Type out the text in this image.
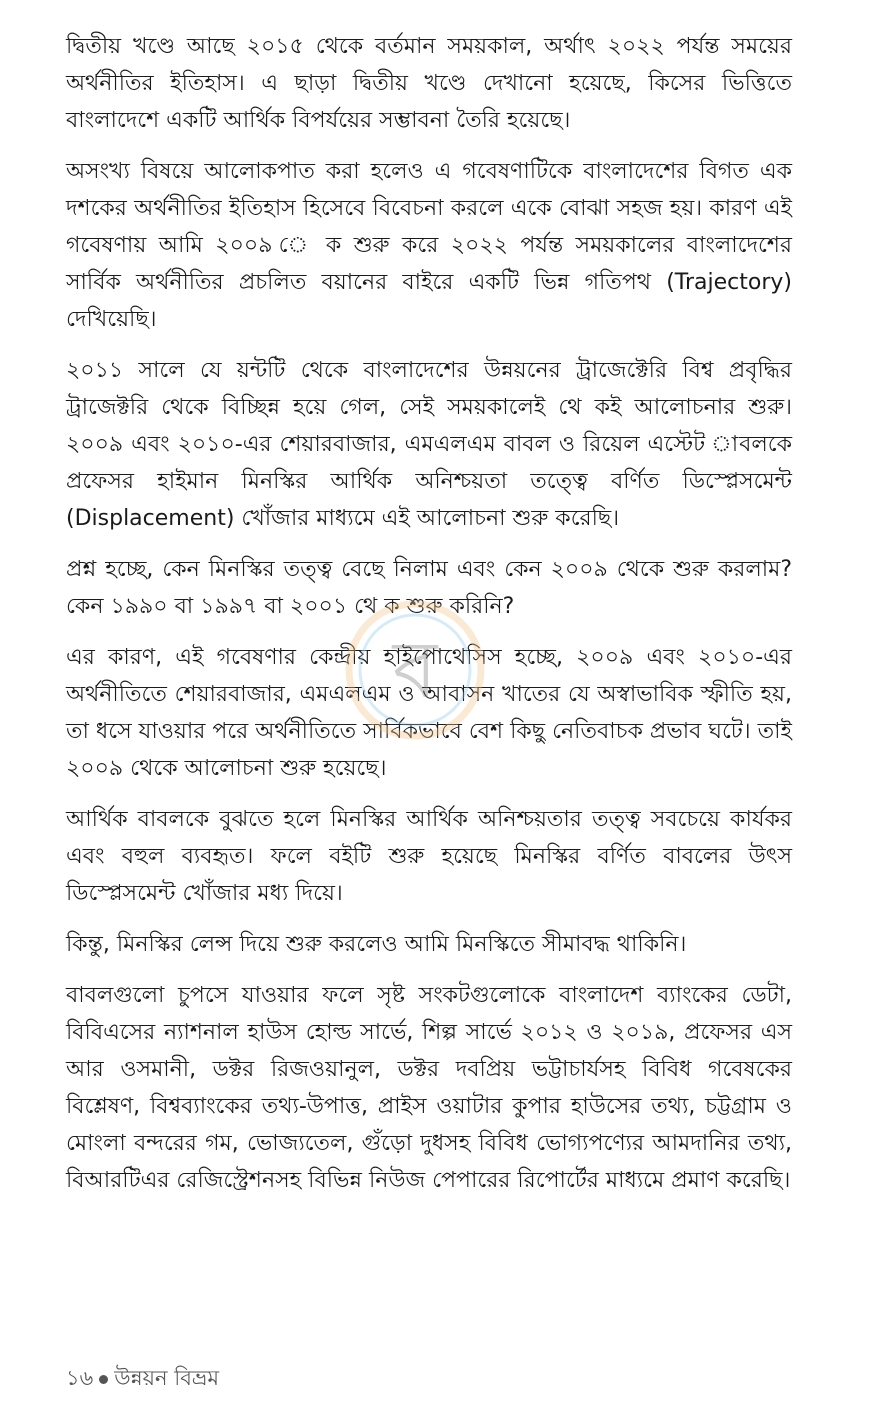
দ্বিতীয় খণ্ডে আছে ২০১৫ থেকে বর্তমান সময়কাল, অর্থাৎ ২০২২ পর্যন্ত সময়ের অর্থনীতির ইতিহাস। এ ছাড়া দ্বিতীয় খণ্ডে দেখানো হয়েছে, কিসের ভিত্তিতে বাংলাদেশে একটি আর্থিক বিপর্যয়ের সম্ভাবনা তৈরি হয়েছে।

অসংখ্য বিষয়ে আলোকপাত করা হলেও এ গবেষণাটিকে বাংলাদেশের বিগত এক দশকের অর্থনীতির ইতিহাস হিসেবে বিবেচনা করলে একে বোঝা সহজ হয়। কারণ এই গবেষণায় আমি ২০০৯ ে ক শুরু করে ২০২২ পর্যন্ত সময়কালের বাংলাদেশের সার্বিক অর্থনীতির প্রচলিত বয়ানের বাইরে একটি ভিন্ন গতিপথ (Trajectory) দেখিয়েছি।

২০১১ সালে যে য়ন্টটি থেকে বাংলাদেশের উন্নয়নের ট্রাজেক্টেরি বিশ্ব প্রবৃদ্ধির ট্রাজেক্টরি থেকে বিচ্ছিন্ন হয়ে গেল, সেই সময়কালেই থে কই আলোচনার শুরু। ২০০৯ এবং ২০১০-এর শেয়ারবাজার, এমএলএম বাবল ও রিয়েল এস্টেট াবলকে প্রফেসর হাইমান মিনস্কির আর্থিক অনিশ্চয়তা তত্ত্বে বর্ণিত ডিস্প্লেসমেন্ট (Displacement) খোঁজার মাধ্যমে এই আলোচনা শুরু করেছি।

প্রশ্ন হচ্ছে, কেন মিনস্কির তত্ত্ব বেছে নিলাম এবং কেন ২০০৯ থেকে শুরু করলাম? কেন ১৯৯০ বা ১৯৯৭ বা ২০০১ থে ক শুরু করিনি?

এর কারণ, এই গবেষণার কেন্দ্রীয় হাইপোথেসিস হচ্ছে, ২০০৯ এবং ২০১০-এর অর্থনীতিতে শেয়ারবাজার, এমএলএম ও আবাসন খাতের যে অস্বাভাবিক স্ফীতি হয়, তা ধসে যাওয়ার পরে অর্থনীতিতে সার্বিকভাবে বেশ কিছু নেতিবাচক প্রভাব ঘটে। তাই ২০০৯ থেকে আলোচনা শুরু হয়েছে।

আর্থিক বাবলকে বুঝতে হলে মিনস্কির আর্থিক অনিশ্চয়তার তত্ত্ব সবচেয়ে কার্যকর এবং বহুল ব্যবহৃত। ফলে বইটি শুরু হয়েছে মিনস্কির বর্ণিত বাবলের উৎস ডিস্প্লেসমেন্ট খোঁজার মধ্য দিয়ে।

কিন্তু, মিনস্কির লেন্স দিয়ে শুরু করলেও আমি মিনস্কিতে সীমাবদ্ধ থাকিনি।

বাবলগুলো চুপসে যাওয়ার ফলে সৃষ্ট সংকটগুলোকে বাংলাদেশ ব্যাংকের ডেটা, বিবিএসের ন্যাশনাল হাউস হোল্ড সার্ভে, শিল্প সার্ভে ২০১২ ও ২০১৯, প্রফেসর এস আর ওসমানী, ডক্টর রিজওয়ানুল, ডক্টর দবপ্রিয় ভট্টাচার্যসহ বিবিধ গবেষকের বিশ্লেষণ, বিশ্বব্যাংকের তথ্য-উপাত্ত, প্রাইস ওয়াটার কুপার হাউসের তথ্য, চট্টগ্রাম ও মোংলা বন্দরের গম, ভোজ্যতেল, গুঁড়ো দুধসহ বিবিধ ভোগ্যপণ্যের আমদানির তথ্য, বিআরটিএর রেজিস্ট্রেশনসহ বিভিন্ন নিউজ পেপারের রিপোর্টের মাধ্যমে প্রমাণ করেছি।

ব
১৬ উন্নয়ন বিভ্রম
